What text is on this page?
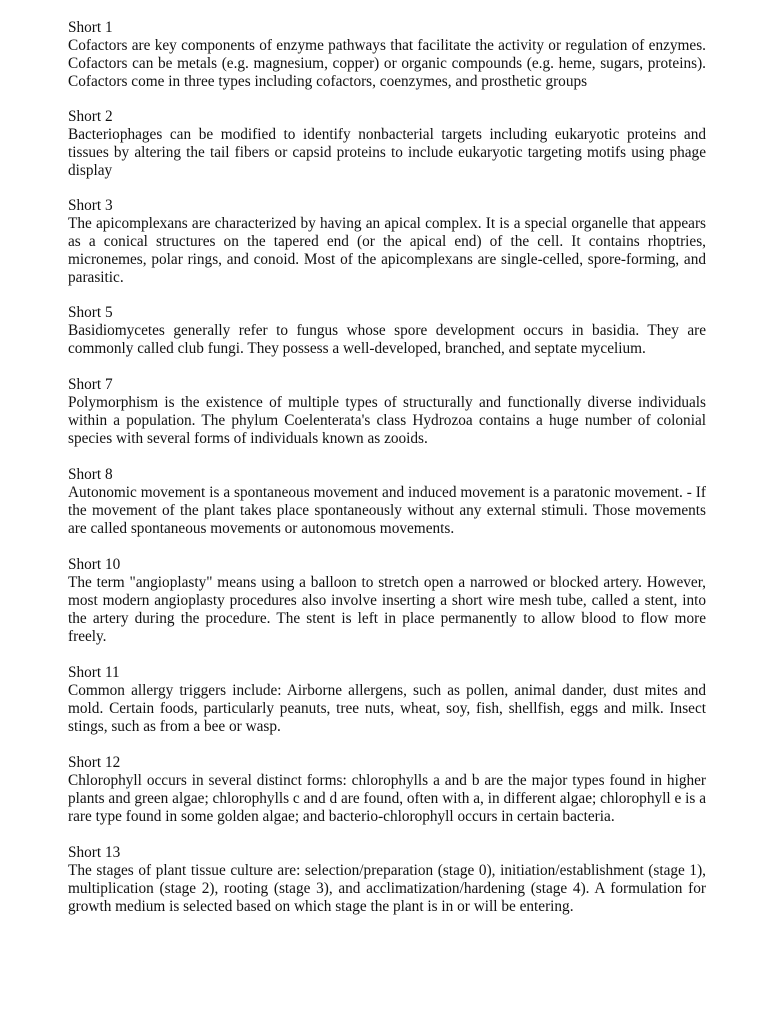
Short 1
Cofactors are key components of enzyme pathways that facilitate the activity or regulation of enzymes. Cofactors can be metals (e.g. magnesium, copper) or organic compounds (e.g. heme, sugars, proteins). Cofactors come in three types including cofactors, coenzymes, and prosthetic groups
Short 2
Bacteriophages can be modified to identify nonbacterial targets including eukaryotic proteins and tissues by altering the tail fibers or capsid proteins to include eukaryotic targeting motifs using phage display
Short 3
The apicomplexans are characterized by having an apical complex. It is a special organelle that appears as a conical structures on the tapered end (or the apical end) of the cell. It contains rhoptries, micronemes, polar rings, and conoid. Most of the apicomplexans are single-celled, spore-forming, and parasitic.
Short 5
Basidiomycetes generally refer to fungus whose spore development occurs in basidia. They are commonly called club fungi. They possess a well-developed, branched, and septate mycelium.
Short 7
Polymorphism is the existence of multiple types of structurally and functionally diverse individuals within a population. The phylum Coelenterata's class Hydrozoa contains a huge number of colonial species with several forms of individuals known as zooids.
Short 8
Autonomic movement is a spontaneous movement and induced movement is a paratonic movement. - If the movement of the plant takes place spontaneously without any external stimuli. Those movements are called spontaneous movements or autonomous movements.
Short 10
The term "angioplasty" means using a balloon to stretch open a narrowed or blocked artery. However, most modern angioplasty procedures also involve inserting a short wire mesh tube, called a stent, into the artery during the procedure. The stent is left in place permanently to allow blood to flow more freely.
Short 11
Common allergy triggers include: Airborne allergens, such as pollen, animal dander, dust mites and mold. Certain foods, particularly peanuts, tree nuts, wheat, soy, fish, shellfish, eggs and milk. Insect stings, such as from a bee or wasp.
Short 12
Chlorophyll occurs in several distinct forms: chlorophylls a and b are the major types found in higher plants and green algae; chlorophylls c and d are found, often with a, in different algae; chlorophyll e is a rare type found in some golden algae; and bacterio-chlorophyll occurs in certain bacteria.
Short 13
The stages of plant tissue culture are: selection/preparation (stage 0), initiation/establishment (stage 1), multiplication (stage 2), rooting (stage 3), and acclimatization/hardening (stage 4). A formulation for growth medium is selected based on which stage the plant is in or will be entering.
